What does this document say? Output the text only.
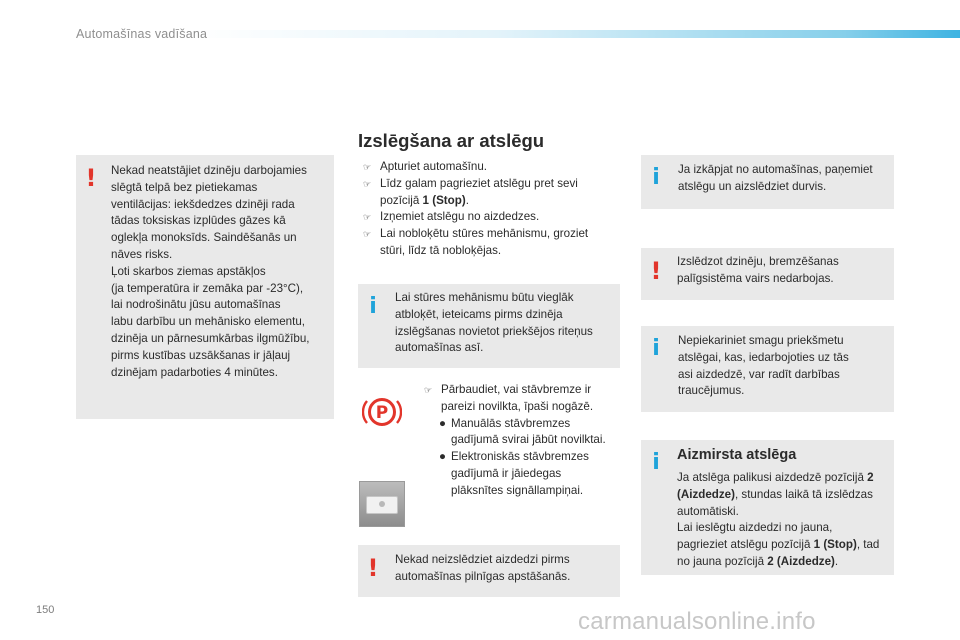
Automašīnas vadīšana
! Nekad neatstājiet dzinēju darbojamies
slēgtā telpā bez pietiekamas
ventilācijas: iekšdedzes dzinēji rada
tādas toksiskas izplūdes gāzes kā
oglekļa monoksīds. Saindēšanās un
nāves risks.
Ļoti skarbos ziemas apstākļos
(ja temperatūra ir zemāka par -23°C),
lai nodrošinātu jūsu automašīnas
labu darbību un mehānisko elementu,
dzinēja un pārnesumkārbas ilgmūžību,
pirms kustības uzsākšanas ir jāļauj
dzinējam padarboties 4 minūtes.
Izslēgšana ar atslēgu
☞ Apturiet automašīnu.
☞ Līdz galam pagrieziet atslēgu pret sevi
pozīcijā 1 (Stop).
☞ Izņemiet atslēgu no aizdedzes.
☞ Lai nobloķētu stūres mehānismu, groziet
stūri, līdz tā nobloķējas.
i Lai stūres mehānismu būtu vieglāk
atbloķēt, ieteicams pirms dzinēja
izslēgšanas novietot priekšējos riteņus
automašīnas asī.
P
☞ Pārbaudiet, vai stāvbremze ir
pareizi novilkta, īpaši nogāzē.
● Manuālās stāvbremzes
gadījumā svirai jābūt novilktai.
● Elektroniskās stāvbremzes
gadījumā ir jāiedegas
plāksnītes signāllampiņai.
! Nekad neizslēdziet aizdedzi pirms
automašīnas pilnīgas apstāšanās.
i Ja izkāpjat no automašīnas, paņemiet
atslēgu un aizslēdziet durvis.
! Izslēdzot dzinēju, bremzēšanas
palīgsistēma vairs nedarbojas.
i Nepiekariniet smagu priekšmetu
atslēgai, kas, iedarbojoties uz tās
asi aizdedzē, var radīt darbības
traucējumus.
i Aizmirsta atslēga
Ja atslēga palikusi aizdedzē pozīcijā 2
(Aizdedze), stundas laikā tā izslēdzas
automātiski.
Lai ieslēgtu aizdedzi no jauna,
pagrieziet atslēgu pozīcijā 1 (Stop), tad
no jauna pozīcijā 2 (Aizdedze).
150	carmanualsonline.info
